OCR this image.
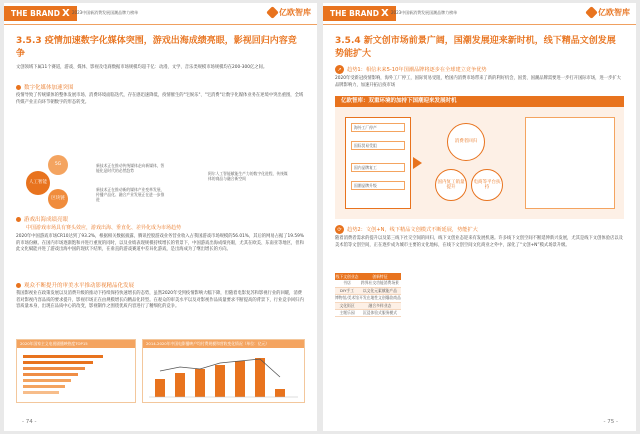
THE BRAND X 2023中国新消费发展国潮品牌力榜单	亿欧智库
3.5.3 疫情加速数字化媒体突围，游戏出海成绩亮眼，影视回归内容竞争
文创领域下属11个赛道，游戏、媒体、影视及电商数据市场规模均超千亿：动漫、文学、音乐类规模市场规模均在200-300亿之间。
数字化媒体加速突围
疫情导致了传统媒体的整体发展市场、消费环境面临迭代，存在感迅速降低，疫情催生的"宅娱乐"、"宅消费"让数字化媒体业务在逆境中突出重围，全域传媒产业正向环节朝数字的形态转变。
5G
人工智能
区块链
新技术正在推动传统媒体走向新媒体，智能化是时代的必然趋势
新技术正在推动新的媒体产业变革发展，传播产品化、融合产业发展正在进一步推进
阿尔人工智能赋能生产力的数字化进程，传统媒体的商品与融合新空间
游戏出海成绩亮眼
中国游戏市场具有赛头效应，游戏出海、垂直化、差异化成为市场趋势
2020年中国游戏市场CR10达到了93.2%，根据相关数据披露，腾讯控股游戏业务营业收入占我国游戏市场规模的56.01%，其后的网易占据了19.59%的市场份额。在国内市场逐渐饱和并进行重度的同时，以及业绩表现规模持续增长的背景下，中国游戏出海成绩亮眼，尤其在欧美、东南亚等地区，但和此文化赋能并进了游戏出海中国的现状下结果，在垂直的游戏赛道中差异化游戏，是出海成为了继出增长的方向。
观众不断提升的审美水平推动影视精品化发展
我国影视业在政策发展以及消费升级的推动下持续保持快速增长的态势，虽然2020年受到疫情影响大幅下降，但随着电影复苏和影视行业的回暖，消费者对影视内容品质的要求提升，影视市场正在由规模增长向精品化转型。在观众的审美水平以及对影视作品质量要求不断提高的背景下，行业竞争回归内容质量本身，出现在品质中心的改变，影视制作之围绕优质内容进行了精细化的竞争。
2020年国家主义电视剧播映热度TOP15	2014-2020年中国电影播映户均付费规模和营收变化情况（单位：亿元）
- 74 -
THE BRAND X 2023中国新消费发展国潮品牌力榜单	亿欧智库
3.5.4 新文创市场前景广阔，国潮发展迎来新时机，线下精品文创发展势能扩大
↗	趋势1：相信未来5-10年国潮品牌将逐步在全球建立竞争优势
2020年受新冠疫情影响，海外工厂停工，国际贸易受阻，给国内消费市场带来了新的利好机会，国货、国潮品牌需要进一步打开国际市场，进一步扩大品牌影响力，加速开拓后疫市场
亿欧智库：双重环境的加持下国潮迎来发展时机
海外工厂停产
国际贸易受阻
国内品牌复工
国潮品牌升级
消费者回归
国内复工销量提升
电商等平台扶持
⟳	趋势2：文创+N，线下精品文创模式不断延展，势能扩大
随着消费者需求的提升以及第三线下社交空间的回归，线下文创业态迎来有发展机遇。许多线下文创空间不断延伸新兴发展，尤其是线下文创体验店以及美术馆等文创空间，正在逐步成为城市主要的文化地标，在线下文创空间文化商业之外中，深化了“文创+N”模式场景升级。
线下文创业态	创新特征
书店	跨界社交功能消费场景
DIY手工	以文化元素赋能产品
博物馆/美术馆	开发在地性文创爆款商品
文化街区	融合多样业态
主题乐园	沉浸体验式服务模式
- 75 -
